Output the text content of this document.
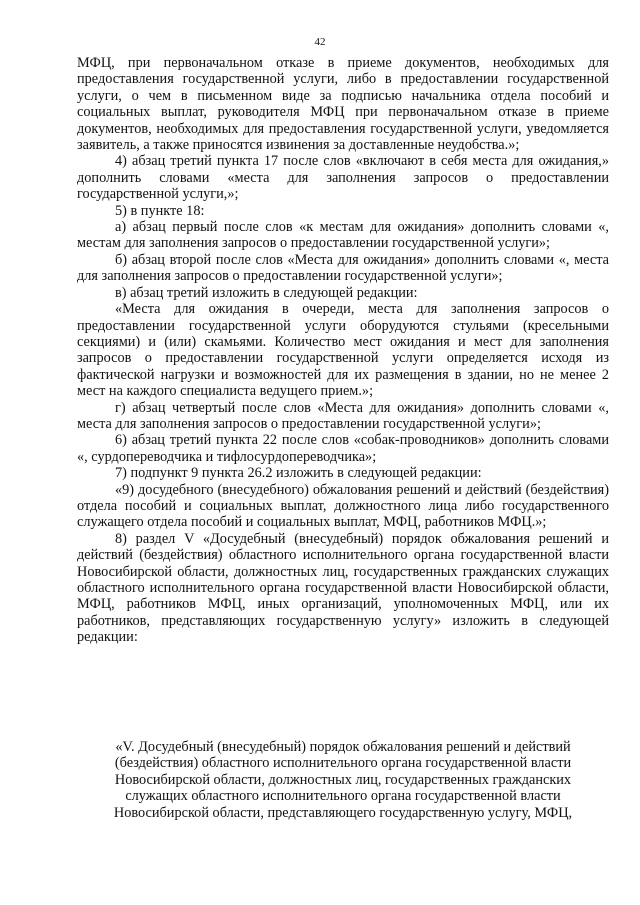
42

МФЦ, при первоначальном отказе в приеме документов, необходимых для предоставления государственной услуги, либо в предоставлении государственной услуги, о чем в письменном виде за подписью начальника отдела пособий и социальных выплат, руководителя МФЦ при первоначальном отказе в приеме документов, необходимых для предоставления государственной услуги, уведомляется заявитель, а также приносятся извинения за доставленные неудобства.»;

4) абзац третий пункта 17 после слов «включают в себя места для ожидания,» дополнить словами «места для заполнения запросов о предоставлении государственной услуги,»;

5) в пункте 18:

а) абзац первый после слов «к местам для ожидания» дополнить словами «, местам для заполнения запросов о предоставлении государственной услуги»;

б) абзац второй после слов «Места для ожидания» дополнить словами «, места для заполнения запросов о предоставлении государственной услуги»;

в) абзац третий изложить в следующей редакции:

«Места для ожидания в очереди, места для заполнения запросов о предоставлении государственной услуги оборудуются стульями (кресельными секциями) и (или) скамьями. Количество мест ожидания и мест для заполнения запросов о предоставлении государственной услуги определяется исходя из фактической нагрузки и возможностей для их размещения в здании, но не менее 2 мест на каждого специалиста ведущего прием.»;

г) абзац четвертый после слов «Места для ожидания» дополнить словами «, места для заполнения запросов о предоставлении государственной услуги»;

6) абзац третий пункта 22 после слов «собак-проводников» дополнить словами «, сурдопереводчика и тифлосурдопереводчика»;

7) подпункт 9 пункта 26.2 изложить в следующей редакции:

«9) досудебного (внесудебного) обжалования решений и действий (бездействия) отдела пособий и социальных выплат, должностного лица либо государственного служащего отдела пособий и социальных выплат, МФЦ, работников МФЦ.»;

8) раздел V «Досудебный (внесудебный) порядок обжалования решений и действий (бездействия) областного исполнительного органа государственной власти Новосибирской области, должностных лиц, государственных гражданских служащих областного исполнительного органа государственной власти Новосибирской области, МФЦ, работников МФЦ, иных организаций, уполномоченных МФЦ, или их работников, представляющих государственную услугу» изложить в следующей редакции:

«V. Досудебный (внесудебный) порядок обжалования решений и действий

(бездействия) областного исполнительного органа государственной власти

Новосибирской области, должностных лиц, государственных гражданских

служащих областного исполнительного органа государственной власти

Новосибирской области, представляющего государственную услугу, МФЦ,
